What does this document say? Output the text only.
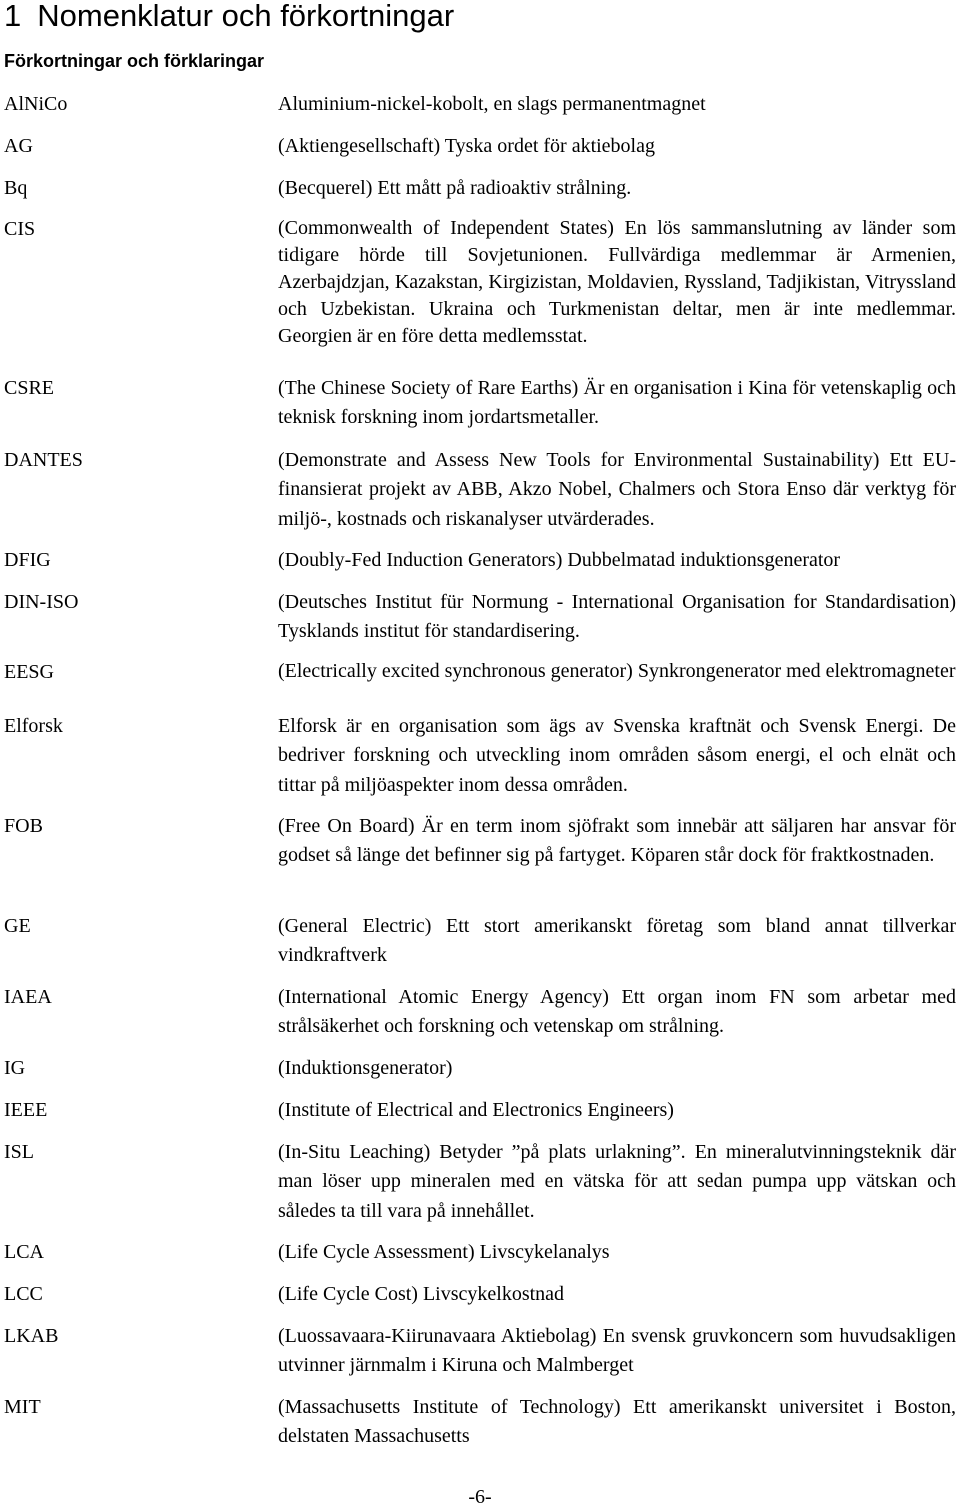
1 Nomenklatur och förkortningar
Förkortningar och förklaringar
AlNiCo	Aluminium-nickel-kobolt, en slags permanentmagnet
AG	(Aktiengesellschaft) Tyska ordet för aktiebolag
Bq	(Becquerel) Ett mått på radioaktiv strålning.
CIS	(Commonwealth of Independent States) En lös sammanslutning av länder som tidigare hörde till Sovjetunionen. Fullvärdiga medlemmar är Armenien, Azerbajdzjan, Kazakstan, Kirgizistan, Moldavien, Ryssland, Tadjikistan, Vitryssland och Uzbekistan. Ukraina och Turkmenistan deltar, men är inte medlemmar. Georgien är en före detta medlemsstat.
CSRE	(The Chinese Society of Rare Earths) Är en organisation i Kina för vetenskaplig och teknisk forskning inom jordartsmetaller.
DANTES	(Demonstrate and Assess New Tools for Environmental Sustainability) Ett EU-finansierat projekt av ABB, Akzo Nobel, Chalmers och Stora Enso där verktyg för miljö-, kostnads och riskanalyser utvärderades.
DFIG	(Doubly-Fed Induction Generators) Dubbelmatad induktionsgenerator
DIN-ISO	(Deutsches Institut für Normung - International Organisation for Standardisation) Tysklands institut för standardisering.
EESG	(Electrically excited synchronous generator) Synkrongenerator med elektromagneter
Elforsk	Elforsk är en organisation som ägs av Svenska kraftnät och Svensk Energi. De bedriver forskning och utveckling inom områden såsom energi, el och elnät och tittar på miljöaspekter inom dessa områden.
FOB	(Free On Board) Är en term inom sjöfrakt som innebär att säljaren har ansvar för godset så länge det befinner sig på fartyget. Köparen står dock för fraktkostnaden.
GE	(General Electric) Ett stort amerikanskt företag som bland annat tillverkar vindkraftverk
IAEA	(International Atomic Energy Agency) Ett organ inom FN som arbetar med strålsäkerhet och forskning och vetenskap om strålning.
IG	(Induktionsgenerator)
IEEE	(Institute of Electrical and Electronics Engineers)
ISL	(In-Situ Leaching) Betyder ”på plats urlakning”. En mineralutvinningsteknik där man löser upp mineralen med en vätska för att sedan pumpa upp vätskan och således ta till vara på innehållet.
LCA	(Life Cycle Assessment) Livscykelanalys
LCC	(Life Cycle Cost) Livscykelkostnad
LKAB	(Luossavaara-Kiirunavaara Aktiebolag) En svensk gruvkoncern som huvudsakligen utvinner järnmalm i Kiruna och Malmberget
MIT	(Massachusetts Institute of Technology) Ett amerikanskt universitet i Boston, delstaten Massachusetts
-6-
